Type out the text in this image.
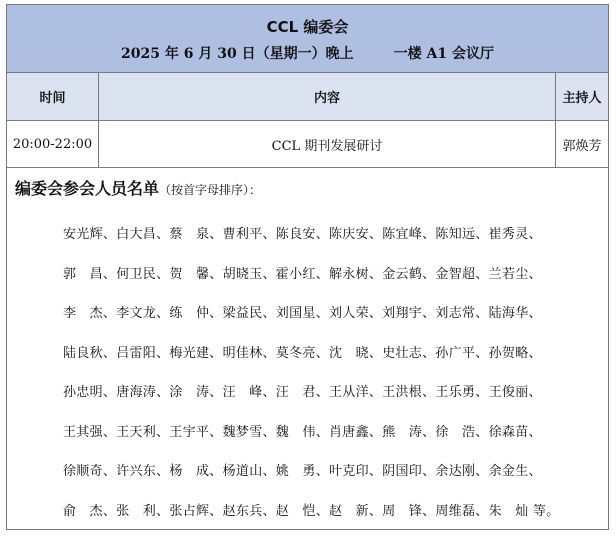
CCL 编委会
2025 年 6 月 30 日（星期一）晚上	一楼 A1 会议厅
时间	内容	主持人
20:00-22:00	CCL 期刊发展研讨	郭焕芳
编委会参会人员名单（按首字母排序）：
安光辉、白大昌、蔡　泉、曹利平、陈良安、陈庆安、陈宜峰、陈知远、崔秀灵、
郭　昌、何卫民、贺　馨、胡晓玉、霍小红、解永树、金云鹤、金智超、兰若尘、
李　杰、李文龙、练　仲、梁益民、刘国星、刘人荣、刘翔宇、刘志常、陆海华、
陆良秋、吕雷阳、梅光建、明佳林、莫冬亮、沈　晓、史壮志、孙广平、孙贺略、
孙忠明、唐海涛、涂　涛、汪　峰、汪　君、王从洋、王洪根、王乐勇、王俊丽、
王其强、王天利、王宇平、魏梦雪、魏　伟、肖唐鑫、熊　涛、徐　浩、徐森苗、
徐顺奇、许兴东、杨　成、杨道山、姚　勇、叶克印、阴国印、余达刚、余金生、
俞　杰、张　利、张占辉、赵东兵、赵　恺、赵　新、周　锋、周维磊、朱　灿 等。
